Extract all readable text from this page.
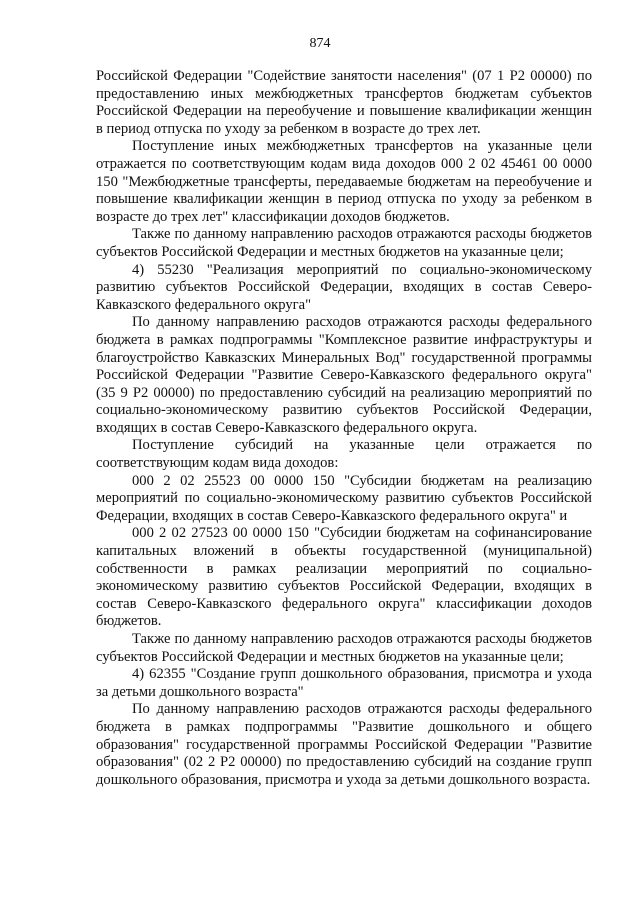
874

Российской Федерации "Содействие занятости населения" (07 1 P2 00000) по предоставлению иных межбюджетных трансфертов бюджетам субъектов Российской Федерации на переобучение и повышение квалификации женщин в период отпуска по уходу за ребенком в возрасте до трех лет.

Поступление иных межбюджетных трансфертов на указанные цели отражается по соответствующим кодам вида доходов 000 2 02 45461 00 0000 150 "Межбюджетные трансферты, передаваемые бюджетам на переобучение и повышение квалификации женщин в период отпуска по уходу за ребенком в возрасте до трех лет" классификации доходов бюджетов.

Также по данному направлению расходов отражаются расходы бюджетов субъектов Российской Федерации и местных бюджетов на указанные цели;

4) 55230 "Реализация мероприятий по социально-экономическому развитию субъектов Российской Федерации, входящих в состав Северо-Кавказского федерального округа"

По данному направлению расходов отражаются расходы федерального бюджета в рамках подпрограммы "Комплексное развитие инфраструктуры и благоустройство Кавказских Минеральных Вод" государственной программы Российской Федерации "Развитие Северо-Кавказского федерального округа" (35 9 P2 00000) по предоставлению субсидий на реализацию мероприятий по социально-экономическому развитию субъектов Российской Федерации, входящих в состав Северо-Кавказского федерального округа.

Поступление субсидий на указанные цели отражается по соответствующим кодам вида доходов:

000 2 02 25523 00 0000 150 "Субсидии бюджетам на реализацию мероприятий по социально-экономическому развитию субъектов Российской Федерации, входящих в состав Северо-Кавказского федерального округа" и

000 2 02 27523 00 0000 150 "Субсидии бюджетам на софинансирование капитальных вложений в объекты государственной (муниципальной) собственности в рамках реализации мероприятий по социально-экономическому развитию субъектов Российской Федерации, входящих в состав Северо-Кавказского федерального округа" классификации доходов бюджетов.

Также по данному направлению расходов отражаются расходы бюджетов субъектов Российской Федерации и местных бюджетов на указанные цели;

4) 62355 "Создание групп дошкольного образования, присмотра и ухода за детьми дошкольного возраста"

По данному направлению расходов отражаются расходы федерального бюджета в рамках подпрограммы "Развитие дошкольного и общего образования" государственной программы Российской Федерации "Развитие образования" (02 2 P2 00000) по предоставлению субсидий на создание групп дошкольного образования, присмотра и ухода за детьми дошкольного возраста.
